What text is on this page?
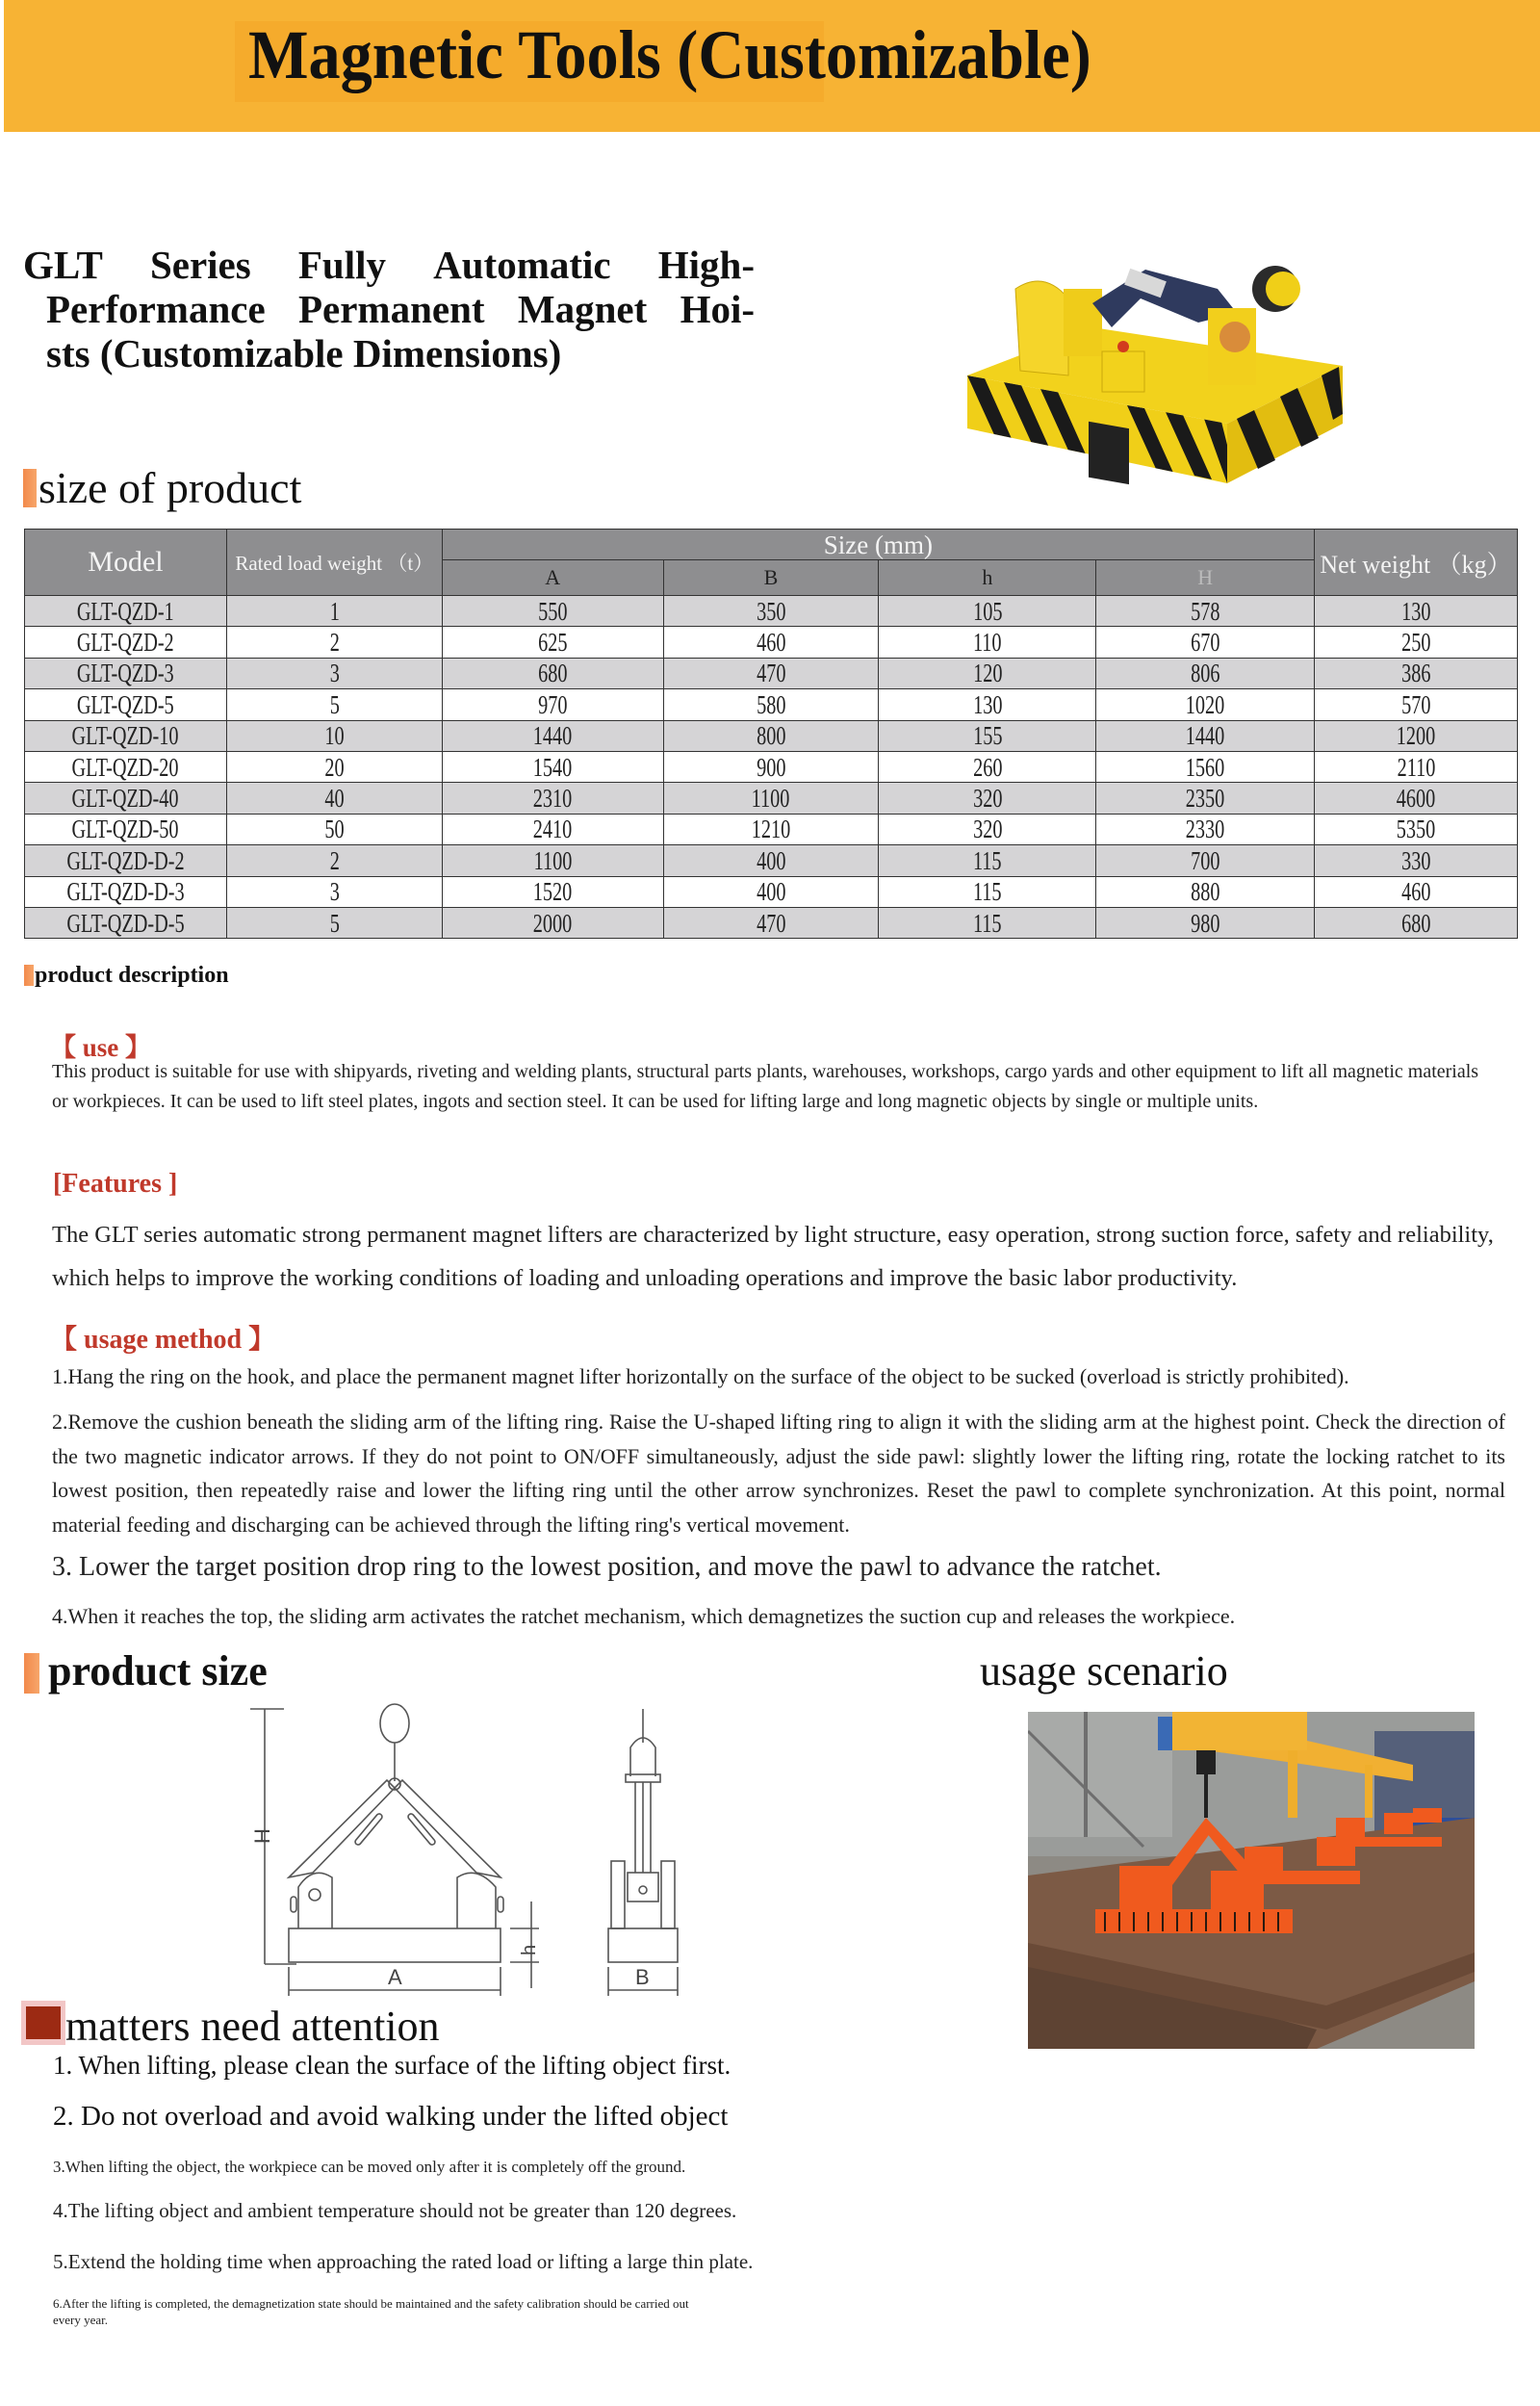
Magnetic Tools (Customizable)
GLT Series Fully Automatic High-
Performance Permanent Magnet Hoi-
sts (Customizable Dimensions)
size of product
Model	Rated load weight （t）	Size (mm)				Net weight （kg）
		A	B	h	H	
GLT-QZD-1	1	550	350	105	578	130
GLT-QZD-2	2	625	460	110	670	250
GLT-QZD-3	3	680	470	120	806	386
GLT-QZD-5	5	970	580	130	1020	570
GLT-QZD-10	10	1440	800	155	1440	1200
GLT-QZD-20	20	1540	900	260	1560	2110
GLT-QZD-40	40	2310	1100	320	2350	4600
GLT-QZD-50	50	2410	1210	320	2330	5350
GLT-QZD-D-2	2	1100	400	115	700	330
GLT-QZD-D-3	3	1520	400	115	880	460
GLT-QZD-D-5	5	2000	470	115	980	680
product description
【 use 】
This product is suitable for use with shipyards, riveting and welding plants, structural parts plants, warehouses, workshops, cargo yards and other equipment to lift all magnetic materials or workpieces. It can be used to lift steel plates, ingots and section steel. It can be used for lifting large and long magnetic objects by single or multiple units.
[Features ]
The GLT series automatic strong permanent magnet lifters are characterized by light structure, easy operation, strong suction force, safety and reliability, which helps to improve the working conditions of loading and unloading operations and improve the basic labor productivity.
【 usage method 】
1.Hang the ring on the hook, and place the permanent magnet lifter horizontally on the surface of the object to be sucked (overload is strictly prohibited).
2.Remove the cushion beneath the sliding arm of the lifting ring. Raise the U-shaped lifting ring to align it with the sliding arm at the highest point. Check the direction of the two magnetic indicator arrows. If they do not point to ON/OFF simultaneously, adjust the side pawl: slightly lower the lifting ring, rotate the locking ratchet to its lowest position, then repeatedly raise and lower the lifting ring until the other arrow synchronizes. Reset the pawl to complete synchronization. At this point, normal material feeding and discharging can be achieved through the lifting ring's vertical movement.
3. Lower the target position drop ring to the lowest position, and move the pawl to advance the ratchet.
4.When it reaches the top, the sliding arm activates the ratchet mechanism, which demagnetizes the suction cup and releases the workpiece.
product size	usage scenario
H
h
A	B
matters need attention
1. When lifting, please clean the surface of the lifting object first.
2. Do not overload and avoid walking under the lifted object
3.When lifting the object, the workpiece can be moved only after it is completely off the ground.
4.The lifting object and ambient temperature should not be greater than 120 degrees.
5.Extend the holding time when approaching the rated load or lifting a large thin plate.
6.After the lifting is completed, the demagnetization state should be maintained and the safety calibration should be carried out every year.
